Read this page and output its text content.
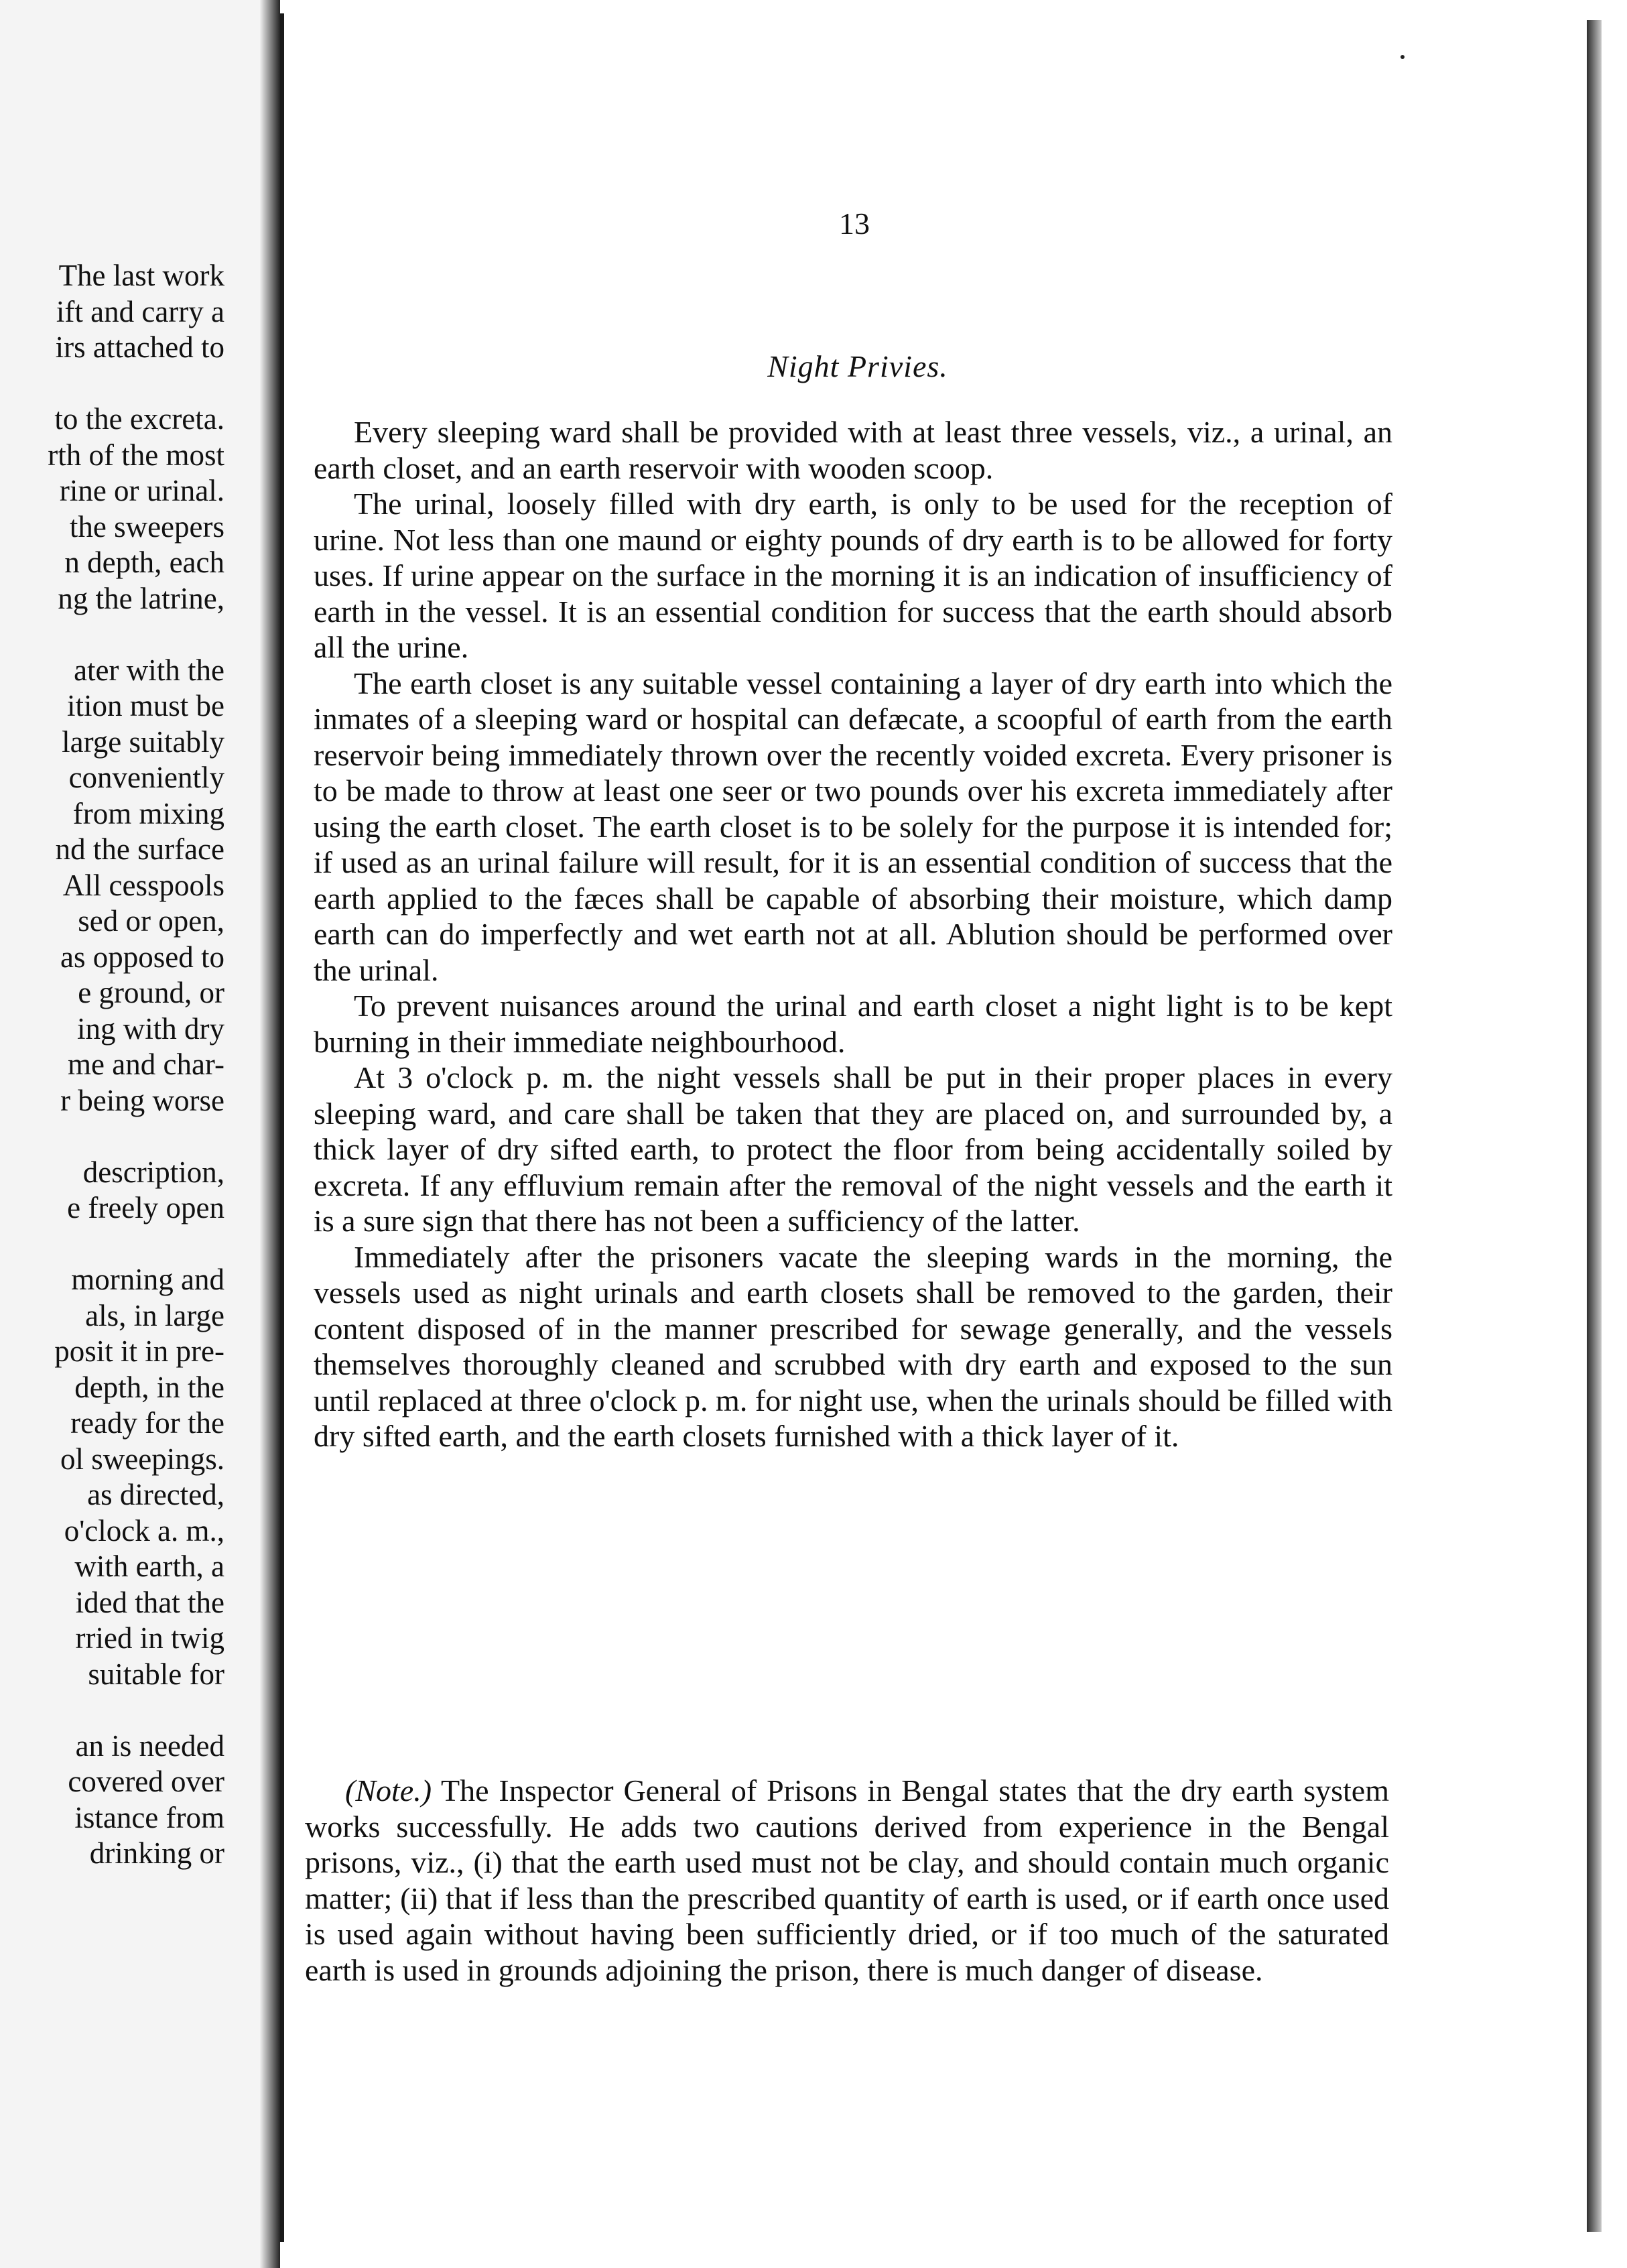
The last work
ift and carry a
irs attached to
to the excreta.
rth of the most
rine or urinal.
the sweepers
n depth, each
ng the latrine,
ater with the
ition must be
large suitably
conveniently
from mixing
nd the surface
All cesspools
sed or open,
as opposed to
e ground, or
ing with dry
me and char-
r being worse
description,
e freely open
morning and
als, in large
posit it in pre-
depth, in the
ready for the
ol sweepings.
as directed,
o'clock a. m.,
with earth, a
ided that the
rried in twig
suitable for
an is needed
covered over
istance from
drinking or
13
Night Privies.

Every sleeping ward shall be provided with at least three vessels, viz., a urinal, an earth closet, and an earth reservoir with wooden scoop.

The urinal, loosely filled with dry earth, is only to be used for the reception of urine. Not less than one maund or eighty pounds of dry earth is to be allowed for forty uses. If urine appear on the surface in the morning it is an indication of insufficiency of earth in the vessel. It is an essential condition for success that the earth should absorb all the urine.

The earth closet is any suitable vessel containing a layer of dry earth into which the inmates of a sleeping ward or hospital can defæcate, a scoopful of earth from the earth reservoir being immediately thrown over the recently voided excreta. Every prisoner is to be made to throw at least one seer or two pounds over his excreta immediately after using the earth closet. The earth closet is to be solely for the purpose it is intended for; if used as an urinal failure will result, for it is an essential condition of success that the earth applied to the fæces shall be capable of absorbing their moisture, which damp earth can do imperfectly and wet earth not at all. Ablution should be performed over the urinal.

To prevent nuisances around the urinal and earth closet a night light is to be kept burning in their immediate neighbourhood.

At 3 o'clock p. m. the night vessels shall be put in their proper places in every sleeping ward, and care shall be taken that they are placed on, and surrounded by, a thick layer of dry sifted earth, to protect the floor from being accidentally soiled by excreta. If any effluvium remain after the removal of the night vessels and the earth it is a sure sign that there has not been a sufficiency of the latter.

Immediately after the prisoners vacate the sleeping wards in the morning, the vessels used as night urinals and earth closets shall be removed to the garden, their content disposed of in the manner prescribed for sewage generally, and the vessels themselves thoroughly cleaned and scrubbed with dry earth and exposed to the sun until replaced at three o'clock p. m. for night use, when the urinals should be filled with dry sifted earth, and the earth closets furnished with a thick layer of it.

(Note.) The Inspector General of Prisons in Bengal states that the dry earth system works successfully. He adds two cautions derived from experience in the Bengal prisons, viz., (i) that the earth used must not be clay, and should contain much organic matter; (ii) that if less than the prescribed quantity of earth is used, or if earth once used is used again without having been sufficiently dried, or if too much of the saturated earth is used in grounds adjoining the prison, there is much danger of disease.
